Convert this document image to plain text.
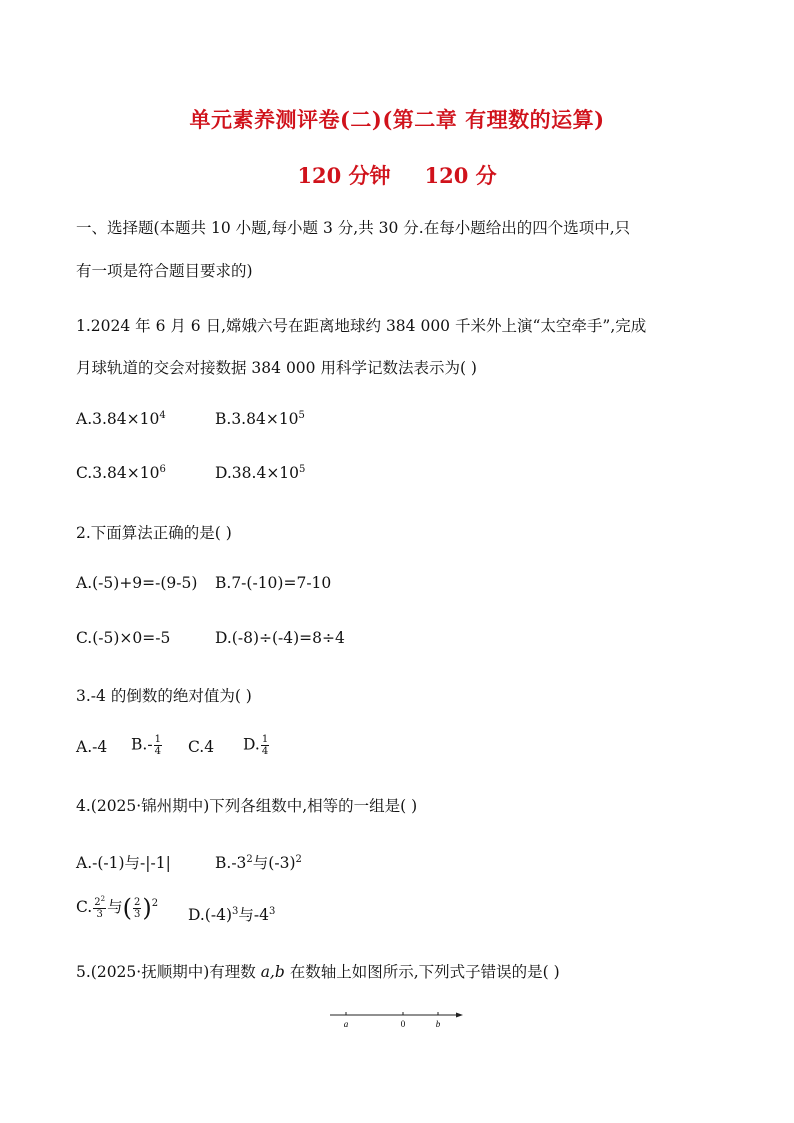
单元素养测评卷(二)(第二章 有理数的运算)
120 分钟 120 分
一、选择题(本题共 10 小题,每小题 3 分,共 30 分.在每小题给出的四个选项中,只
有一项是符合题目要求的)
1.2024 年 6 月 6 日,嫦娥六号在距离地球约 384 000 千米外上演“太空牵手”,完成
月球轨道的交会对接数据 384 000 用科学记数法表示为( )
$A.3.84\times 10^4$	$B.3.84\times 10^5$
$C.3.84\times 10^6$	$D.38.4\times 10^5$
2.下面算法正确的是( )
A.(-5)+9=-(9-5) B.7-(-10)=7-10
C.(-5)×0=-5	D.(-8)÷(-4)=8÷4
3.-4 的倒数的绝对值为( )
A.-4 $B.- \frac{1}{4} C.4$ D. $\frac{1}{4}$
4.(2025·锦州期中)下列各组数中,相等的一组是( )
A.-(-1)与-|-1|	$B.-3^2$与$(-3)^2$
C. $\frac{2^2}{3}$ 与( $\frac{2}{3} )^2$
$D.(-4)^3$与$-4^3$
5.(2025·抚顺期中)有理数 a,b 在数轴上如图所示,下列式子错误的是( )
a	0	b
